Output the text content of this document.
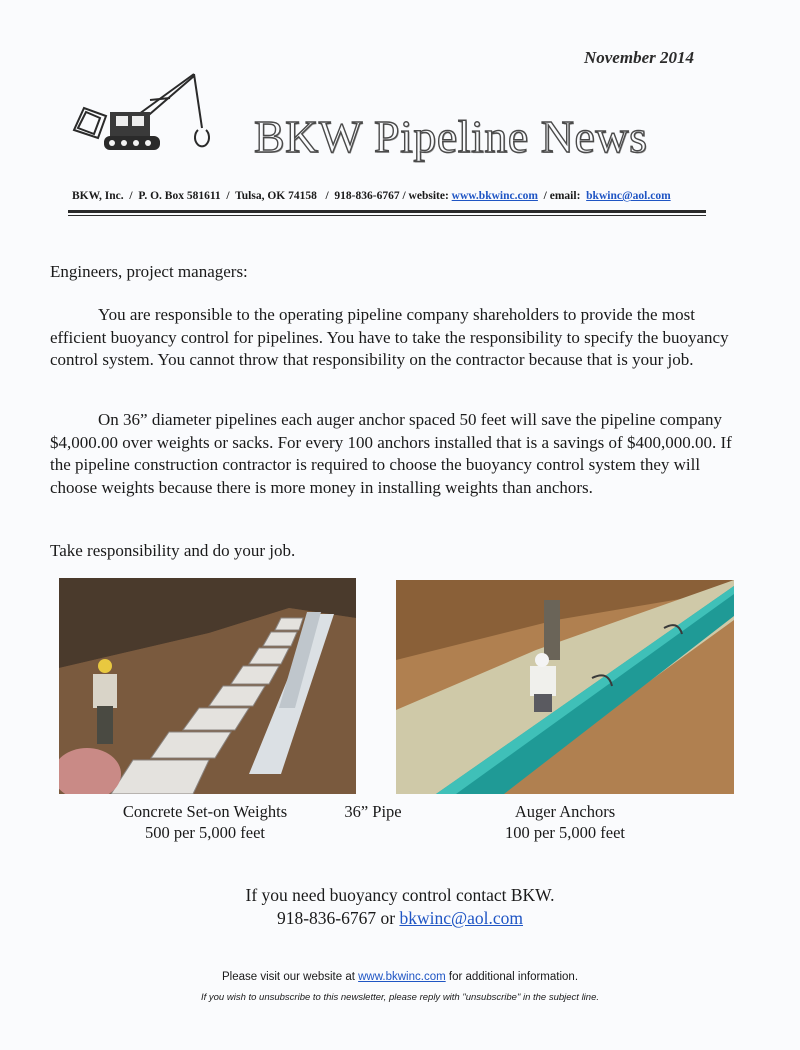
November 2014
BKW Pipeline News
BKW, Inc.  /  P. O. Box 581611  /  Tulsa, OK 74158   /  918-836-6767 / website: www.bkwinc.com  / email:  bkwinc@aol.com
Engineers, project managers:
You are responsible to the operating pipeline company shareholders to provide the most efficient buoyancy control for pipelines. You have to take the responsibility to specify the buoyancy control system. You cannot throw that responsibility on the contractor because that is your job.
On 36” diameter pipelines each auger anchor spaced 50 feet will save the pipeline company $4,000.00 over weights or sacks. For every 100 anchors installed that is a savings of $400,000.00. If the pipeline construction contractor is required to choose the buoyancy control system they will choose weights because there is more money in installing weights than anchors.
Take responsibility and do your job.
Concrete Set-on Weights
500 per 5,000 feet
36” Pipe	Auger Anchors
100 per 5,000 feet
If you need buoyancy control contact BKW.
918-836-6767 or bkwinc@aol.com
Please visit our website at www.bkwinc.com for additional information.
If you wish to unsubscribe to this newsletter, please reply with "unsubscribe" in the subject line.
